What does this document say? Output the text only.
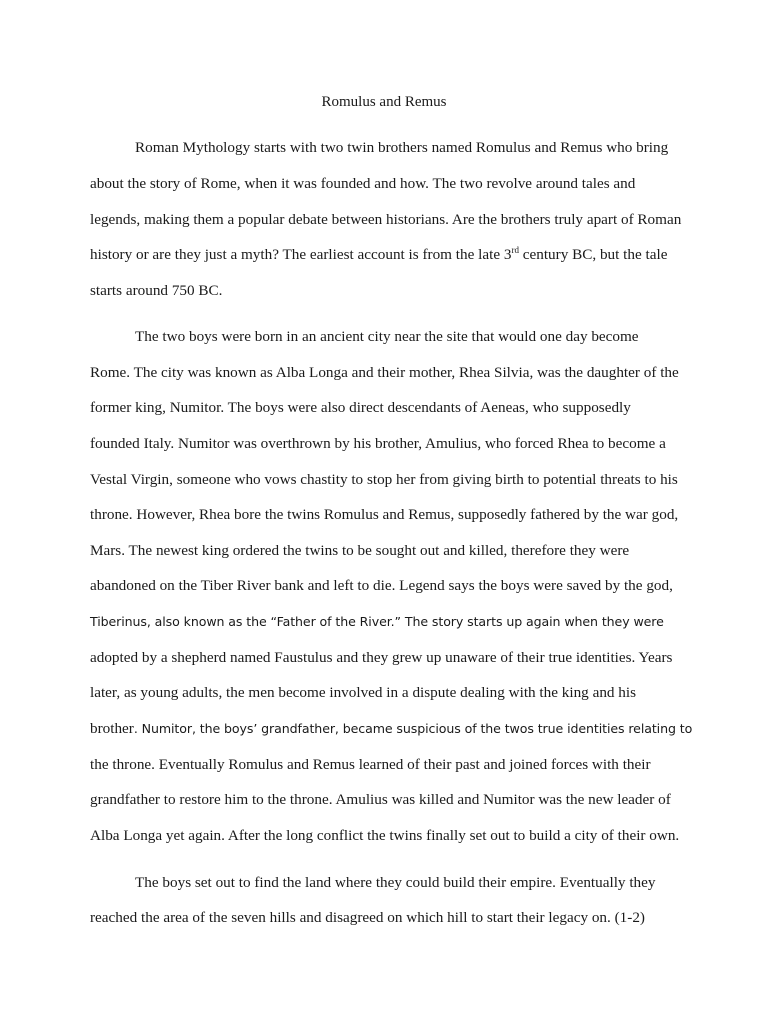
Romulus and Remus
Roman Mythology starts with two twin brothers named Romulus and Remus who bring
about the story of Rome, when it was founded and how. The two revolve around tales and
legends, making them a popular debate between historians. Are the brothers truly apart of Roman
history or are they just a myth? The earliest account is from the late 3rd century BC, but the tale
starts around 750 BC.
The two boys were born in an ancient city near the site that would one day become
Rome. The city was known as Alba Longa and their mother, Rhea Silvia, was the daughter of the
former king, Numitor. The boys were also direct descendants of Aeneas, who supposedly
founded Italy. Numitor was overthrown by his brother, Amulius, who forced Rhea to become a
Vestal Virgin, someone who vows chastity to stop her from giving birth to potential threats to his
throne. However, Rhea bore the twins Romulus and Remus, supposedly fathered by the war god,
Mars. The newest king ordered the twins to be sought out and killed, therefore they were
abandoned on the Tiber River bank and left to die. Legend says the boys were saved by the god,
Tiberinus, also known as the “Father of the River.” The story starts up again when they were
adopted by a shepherd named Faustulus and they grew up unaware of their true identities. Years
later, as young adults, the men become involved in a dispute dealing with the king and his
brother. Numitor, the boys’ grandfather, became suspicious of the twos true identities relating to
the throne. Eventually Romulus and Remus learned of their past and joined forces with their
grandfather to restore him to the throne. Amulius was killed and Numitor was the new leader of
Alba Longa yet again. After the long conflict the twins finally set out to build a city of their own.
The boys set out to find the land where they could build their empire. Eventually they
reached the area of the seven hills and disagreed on which hill to start their legacy on. (1-2)
